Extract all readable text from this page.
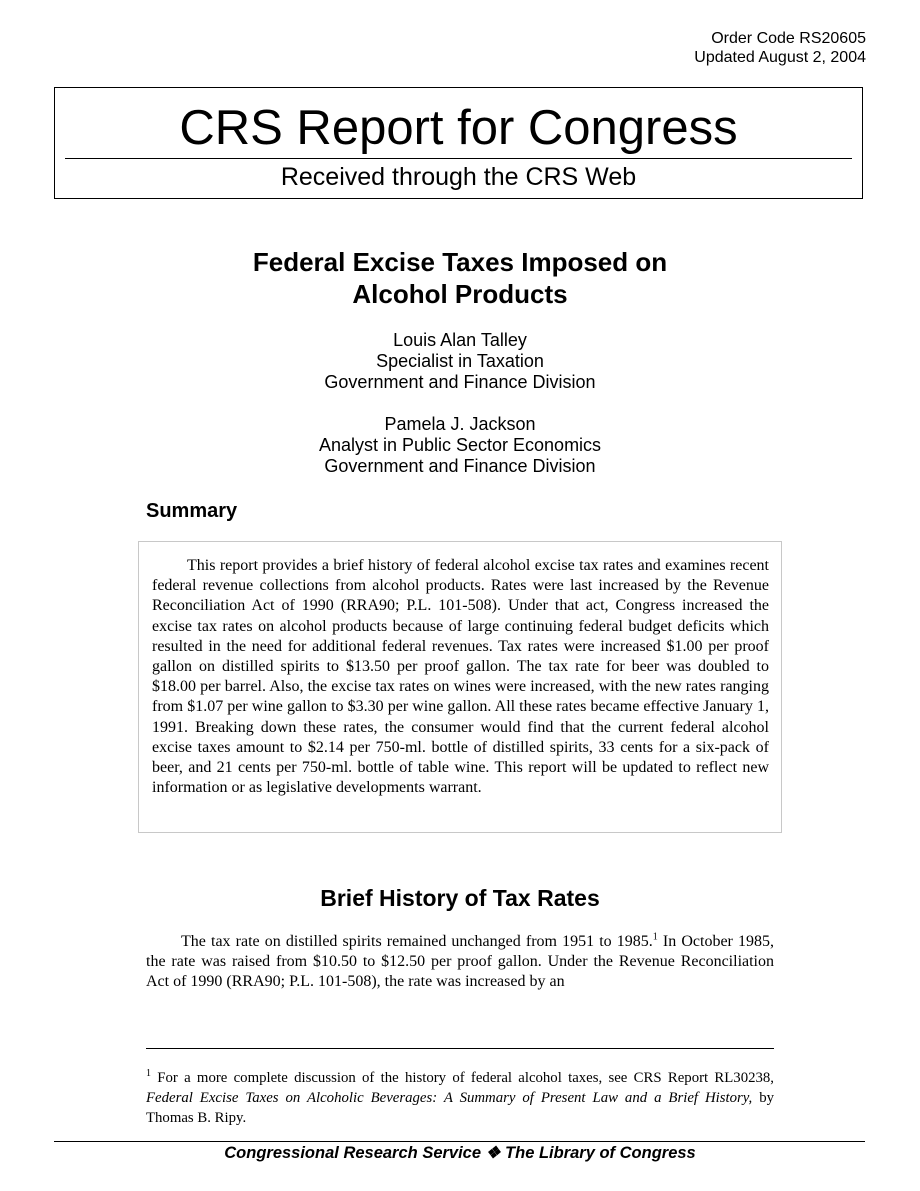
Order Code RS20605
Updated August 2, 2004
CRS Report for Congress
Received through the CRS Web
Federal Excise Taxes Imposed on
Alcohol Products
Louis Alan Talley
Specialist in Taxation
Government and Finance Division
Pamela J. Jackson
Analyst in Public Sector Economics
Government and Finance Division
Summary

This report provides a brief history of federal alcohol excise tax rates and examines recent federal revenue collections from alcohol products. Rates were last increased by the Revenue Reconciliation Act of 1990 (RRA90; P.L. 101-508). Under that act, Congress increased the excise tax rates on alcohol products because of large continuing federal budget deficits which resulted in the need for additional federal revenues. Tax rates were increased $1.00 per proof gallon on distilled spirits to $13.50 per proof gallon. The tax rate for beer was doubled to $18.00 per barrel. Also, the excise tax rates on wines were increased, with the new rates ranging from $1.07 per wine gallon to $3.30 per wine gallon. All these rates became effective January 1, 1991. Breaking down these rates, the consumer would find that the current federal alcohol excise taxes amount to $2.14 per 750-ml. bottle of distilled spirits, 33 cents for a six-pack of beer, and 21 cents per 750-ml. bottle of table wine. This report will be updated to reflect new information or as legislative developments warrant.

Brief History of Tax Rates

The tax rate on distilled spirits remained unchanged from 1951 to 1985.$^1$ In October 1985, the rate was raised from $10.50 to $12.50 per proof gallon. Under the Revenue Reconciliation Act of 1990 (RRA90; P.L. 101-508), the rate was increased by an

$^1$ For a more complete discussion of the history of federal alcohol taxes, see CRS Report RL30238, Federal Excise Taxes on Alcoholic Beverages: A Summary of Present Law and a Brief History, by Thomas B. Ripy.

Congressional Research Service ❖ The Library of Congress
